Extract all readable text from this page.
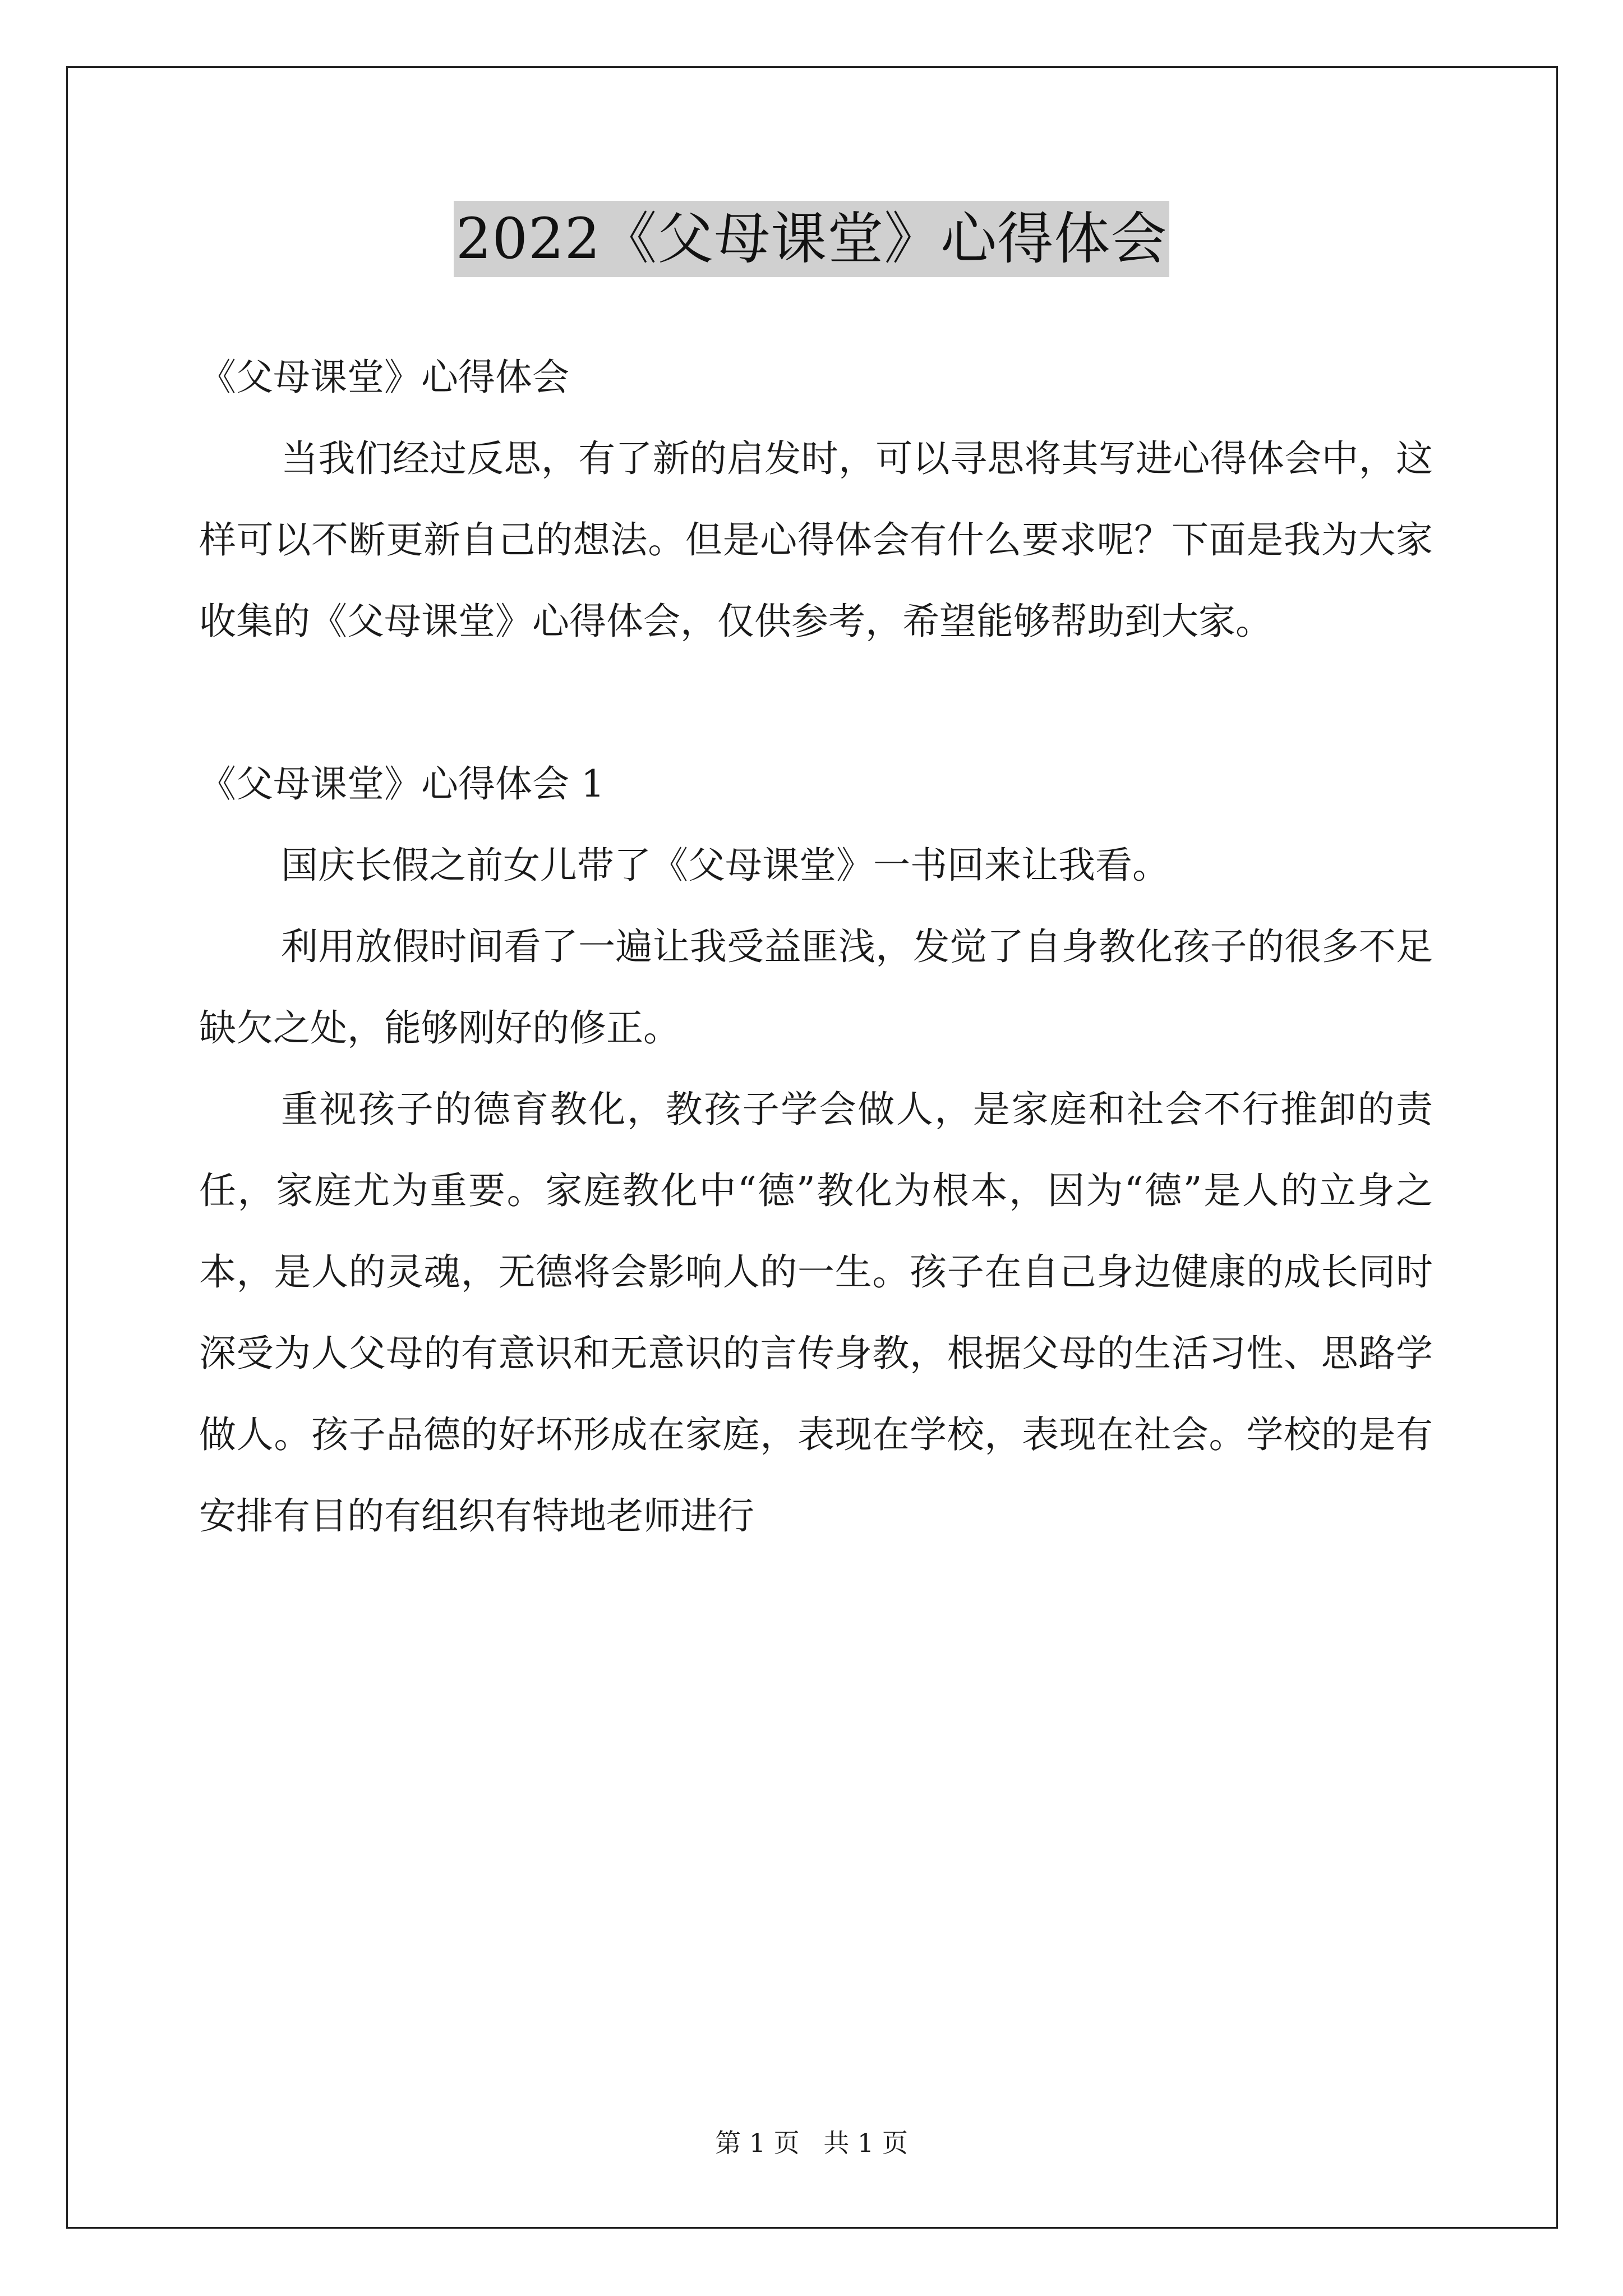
2022《父母课堂》心得体会

《父母课堂》心得体会

当我们经过反思，有了新的启发时，可以寻思将其写进心得体会中，这样可以不断更新自己的想法。但是心得体会有什么要求呢？下面是我为大家收集的《父母课堂》心得体会，仅供参考，希望能够帮助到大家。

《父母课堂》心得体会 1

国庆长假之前女儿带了《父母课堂》一书回来让我看。

利用放假时间看了一遍让我受益匪浅，发觉了自身教化孩子的很多不足缺欠之处，能够刚好的修正。

重视孩子的德育教化，教孩子学会做人，是家庭和社会不行推卸的责任，家庭尤为重要。家庭教化中“德”教化为根本，因为“德”是人的立身之本，是人的灵魂，无德将会影响人的一生。孩子在自己身边健康的成长同时深受为人父母的有意识和无意识的言传身教，根据父母的生活习性、思路学做人。孩子品德的好坏形成在家庭，表现在学校，表现在社会。学校的是有安排有目的有组织有特地老师进行

第 1 页 共 1 页
